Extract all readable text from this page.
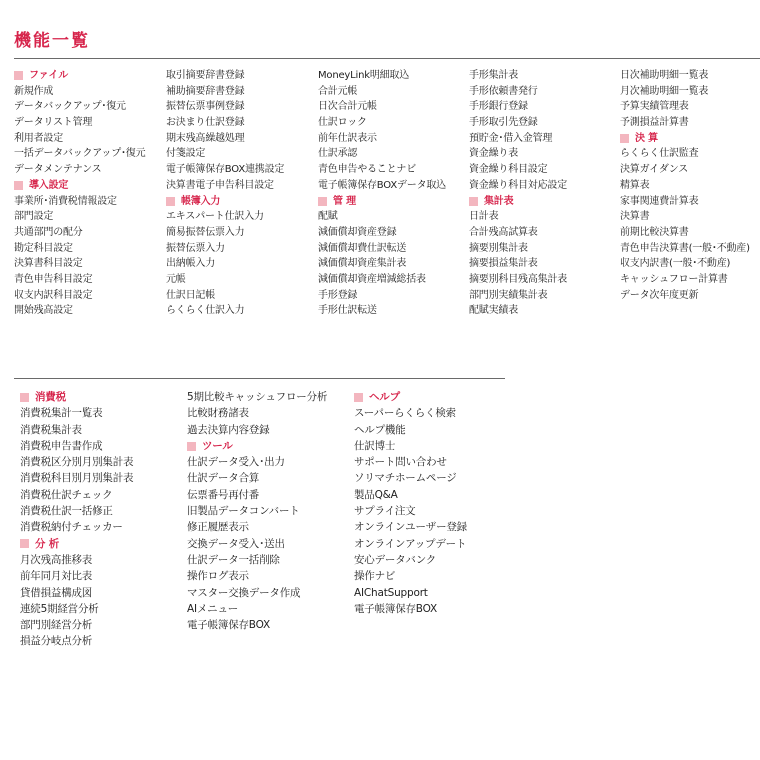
機能一覧
ファイル
新規作成
データバックアップ･復元
データリスト管理
利用者設定
一括データバックアップ･復元
データメンテナンス
導入設定
事業所･消費税情報設定
部門設定
共通部門の配分
勘定科目設定
決算書科目設定
青色申告科目設定
収支内訳科目設定
開始残高設定
取引摘要辞書登録
補助摘要辞書登録
振替伝票事例登録
お決まり仕訳登録
期末残高繰越処理
付箋設定
電子帳簿保存BOX連携設定
決算書電子申告科目設定
帳簿入力
エキスパート仕訳入力
簡易振替伝票入力
振替伝票入力
出納帳入力
元帳
仕訳日記帳
らくらく仕訳入力
MoneyLink明細取込
合計元帳
日次合計元帳
仕訳ロック
前年仕訳表示
仕訳承認
青色申告やることナビ
電子帳簿保存BOXデータ取込
管 理
配賦
減価償却資産登録
減価償却費仕訳転送
減価償却資産集計表
減価償却資産増減総括表
手形登録
手形仕訳転送
手形集計表
手形依頼書発行
手形銀行登録
手形取引先登録
預貯金･借入金管理
資金繰り表
資金繰り科目設定
資金繰り科目対応設定
集計表
日計表
合計残高試算表
摘要別集計表
摘要損益集計表
摘要別科目残高集計表
部門別実績集計表
配賦実績表
日次補助明細一覧表
月次補助明細一覧表
予算実績管理表
予測損益計算書
決 算
らくらく仕訳監査
決算ガイダンス
精算表
家事関連費計算表
決算書
前期比較決算書
青色申告決算書(一般･不動産)
収支内訳書(一般･不動産)
キャッシュフロー計算書
データ次年度更新
消費税
消費税集計一覧表
消費税集計表
消費税申告書作成
消費税区分別月別集計表
消費税科目別月別集計表
消費税仕訳チェック
消費税仕訳一括修正
消費税納付チェッカー
分 析
月次残高推移表
前年同月対比表
貸借損益構成図
連続5期経営分析
部門別経営分析
損益分岐点分析
5期比較キャッシュフロー分析
比較財務諸表
過去決算内容登録
ツール
仕訳データ受入･出力
仕訳データ合算
伝票番号再付番
旧製品データコンバート
修正履歴表示
交換データ受入･送出
仕訳データ一括削除
操作ログ表示
マスター交換データ作成
AIメニュー
電子帳簿保存BOX
ヘルプ
スーパーらくらく検索
ヘルプ機能
仕訳博士
サポート問い合わせ
ソリマチホームページ
製品Q&A
サプライ注文
オンラインユーザー登録
オンラインアップデート
安心データバンク
操作ナビ
AIChatSupport
電子帳簿保存BOX
